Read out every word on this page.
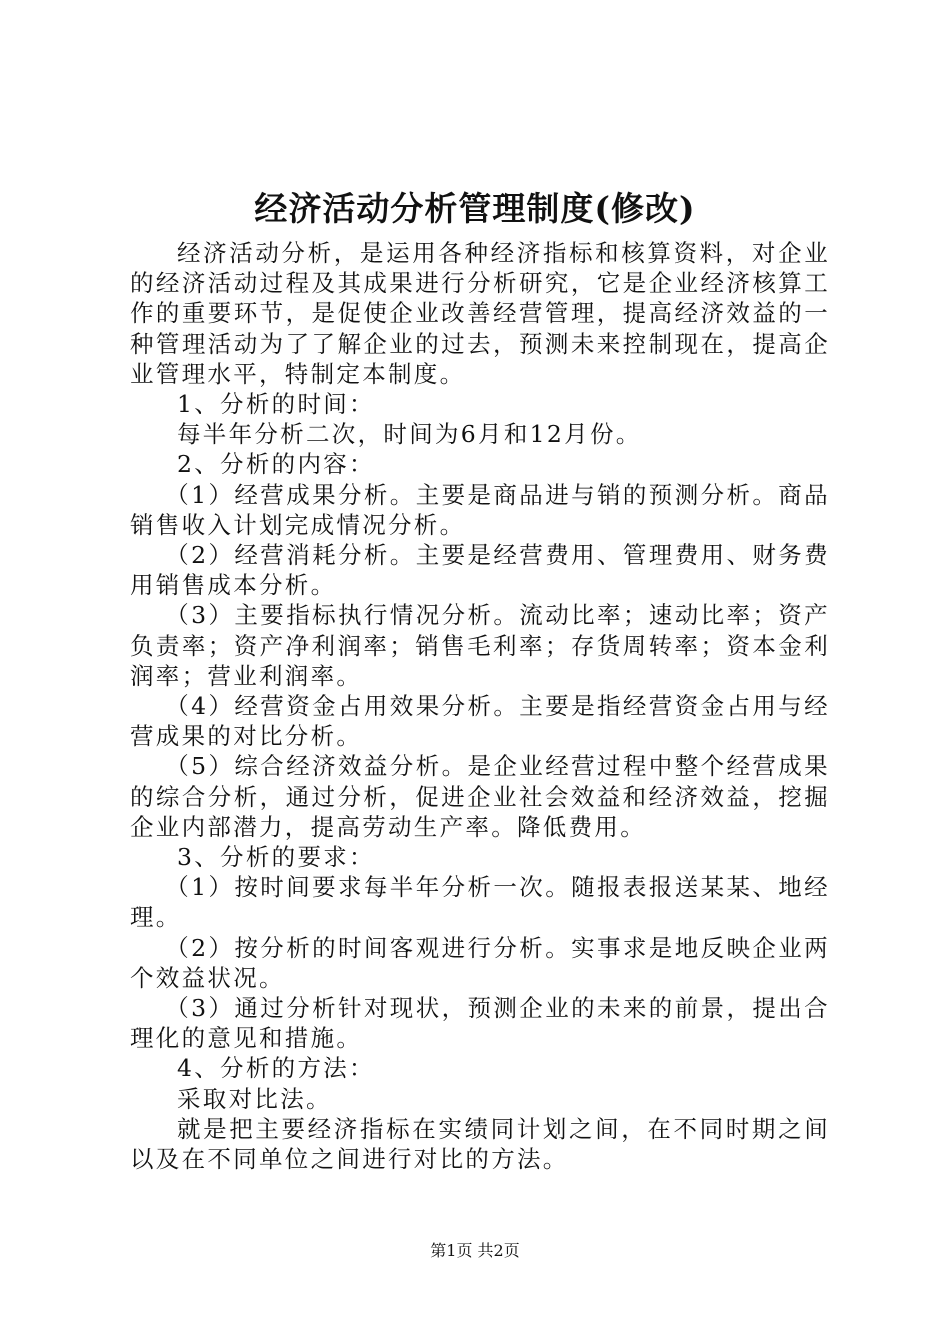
经济活动分析管理制度(修改)

经济活动分析，是运用各种经济指标和核算资料，对企业的经济活动过程及其成果进行分析研究，它是企业经济核算工作的重要环节，是促使企业改善经营管理，提高经济效益的一种管理活动为了了解企业的过去，预测未来控制现在，提高企业管理水平，特制定本制度。

1、分析的时间：

每半年分析二次，时间为6月和12月份。

2、分析的内容：

（1）经营成果分析。主要是商品进与销的预测分析。商品销售收入计划完成情况分析。

（2）经营消耗分析。主要是经营费用、管理费用、财务费用销售成本分析。

（3）主要指标执行情况分析。流动比率；速动比率；资产负责率；资产净利润率；销售毛利率；存货周转率；资本金利润率；营业利润率。

（4）经营资金占用效果分析。主要是指经营资金占用与经营成果的对比分析。

（5）综合经济效益分析。是企业经营过程中整个经营成果的综合分析，通过分析，促进企业社会效益和经济效益，挖掘企业内部潜力，提高劳动生产率。降低费用。

3、分析的要求：

（1）按时间要求每半年分析一次。随报表报送某某、地经理。

（2）按分析的时间客观进行分析。实事求是地反映企业两个效益状况。

（3）通过分析针对现状，预测企业的未来的前景，提出合理化的意见和措施。

4、分析的方法：

采取对比法。

就是把主要经济指标在实绩同计划之间，在不同时期之间以及在不同单位之间进行对比的方法。

第1页 共2页
